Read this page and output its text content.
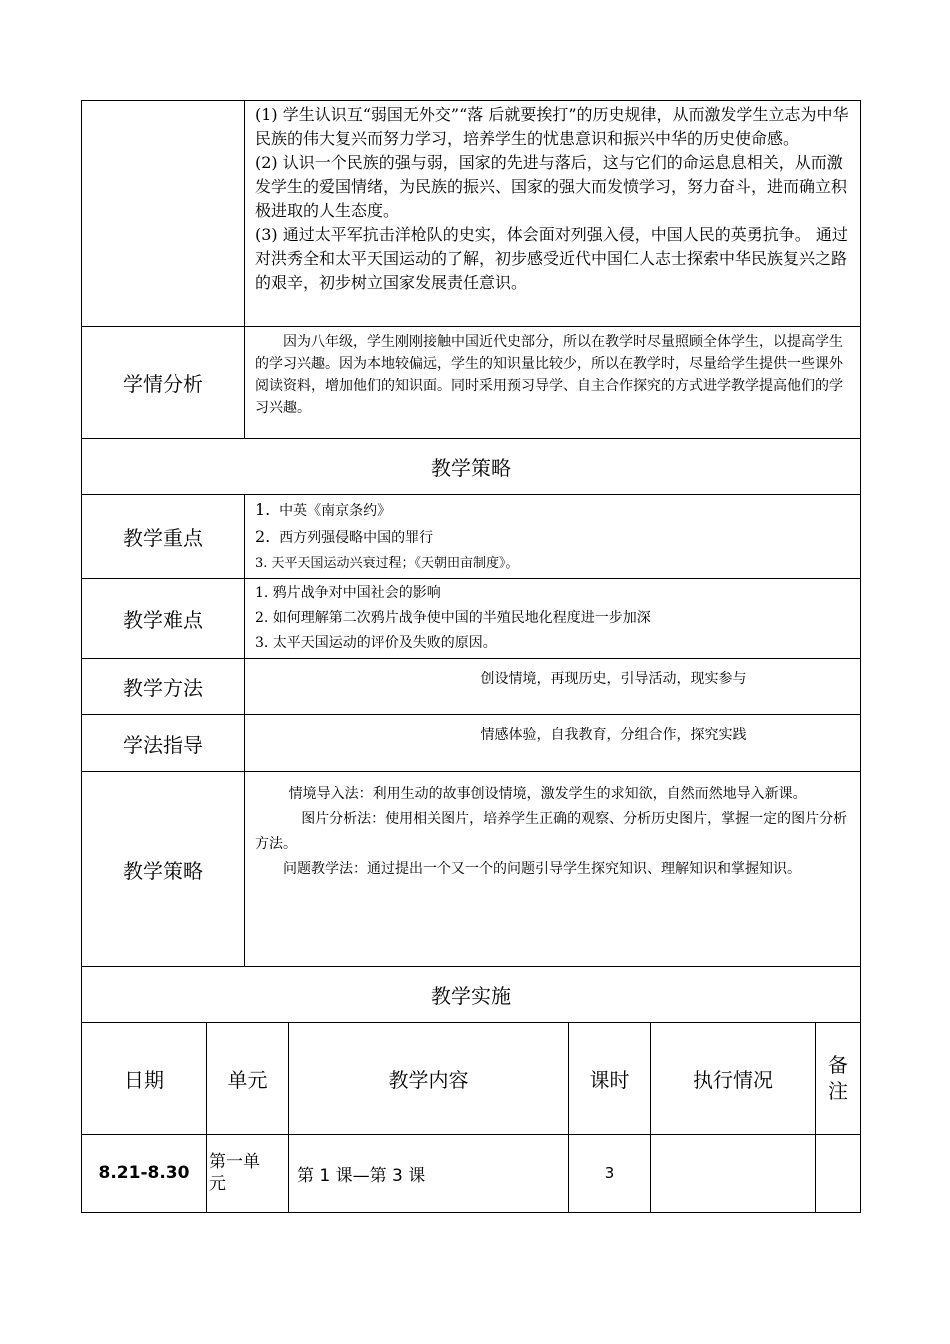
	(1) 学生认识互“弱国无外交”“落 后就要挨打”的历史规律，从而激发学生立志为中华民族的伟大复兴而努力学习，培养学生的忧患意识和振兴中华的历史使命感。

(2) 认识一个民族的强与弱，国家的先进与落后，这与它们的命运息息相关，从而激发学生的爱国情绪，为民族的振兴、国家的强大而发愤学习，努力奋斗，进而确立积极进取的人生态度。

(3) 通过太平军抗击洋枪队的史实，体会面对列强入侵，中国人民的英勇抗争。 通过对洪秀全和太平天国运动的了解，初步感受近代中国仁人志士探索中华民族复兴之路的艰辛，初步树立国家发展责任意识。

学情分析	因为八年级，学生刚刚接触中国近代史部分，所以在教学时尽量照顾全体学生，以提高学生的学习兴趣。因为本地较偏远，学生的知识量比较少，所以在教学时，尽量给学生提供一些课外阅读资料，增加他们的知识面。同时采用预习导学、自主合作探究的方式进学教学提高他们的学习兴趣。

教学策略	
教学重点	1. 中英《南京条约》

2. 西方列强侵略中国的罪行

3. 天平天国运动兴衰过程；《天朝田亩制度》。

教学难点	1. 鸦片战争对中国社会的影响

2. 如何理解第二次鸦片战争使中国的半殖民地化程度进一步加深

3. 太平天国运动的评价及失败的原因。

教学方法	创设情境，再现历史，引导活动，现实参与

学法指导	情感体验，自我教育，分组合作，探究实践

教学策略	情境导入法：利用生动的故事创设情境，激发学生的求知欲，自然而然地导入新课。

图片分析法：使用相关图片，培养学生正确的观察、分析历史图片，掌握一定的图片分析方法。

问题教学法：通过提出一个又一个的问题引导学生探究知识、理解知识和掌握知识。

教学实施	
日期	单元	教学内容	课时	执行情况	备注
8.21-8.30	第一单元	第 1 课—第 3 课	3		
